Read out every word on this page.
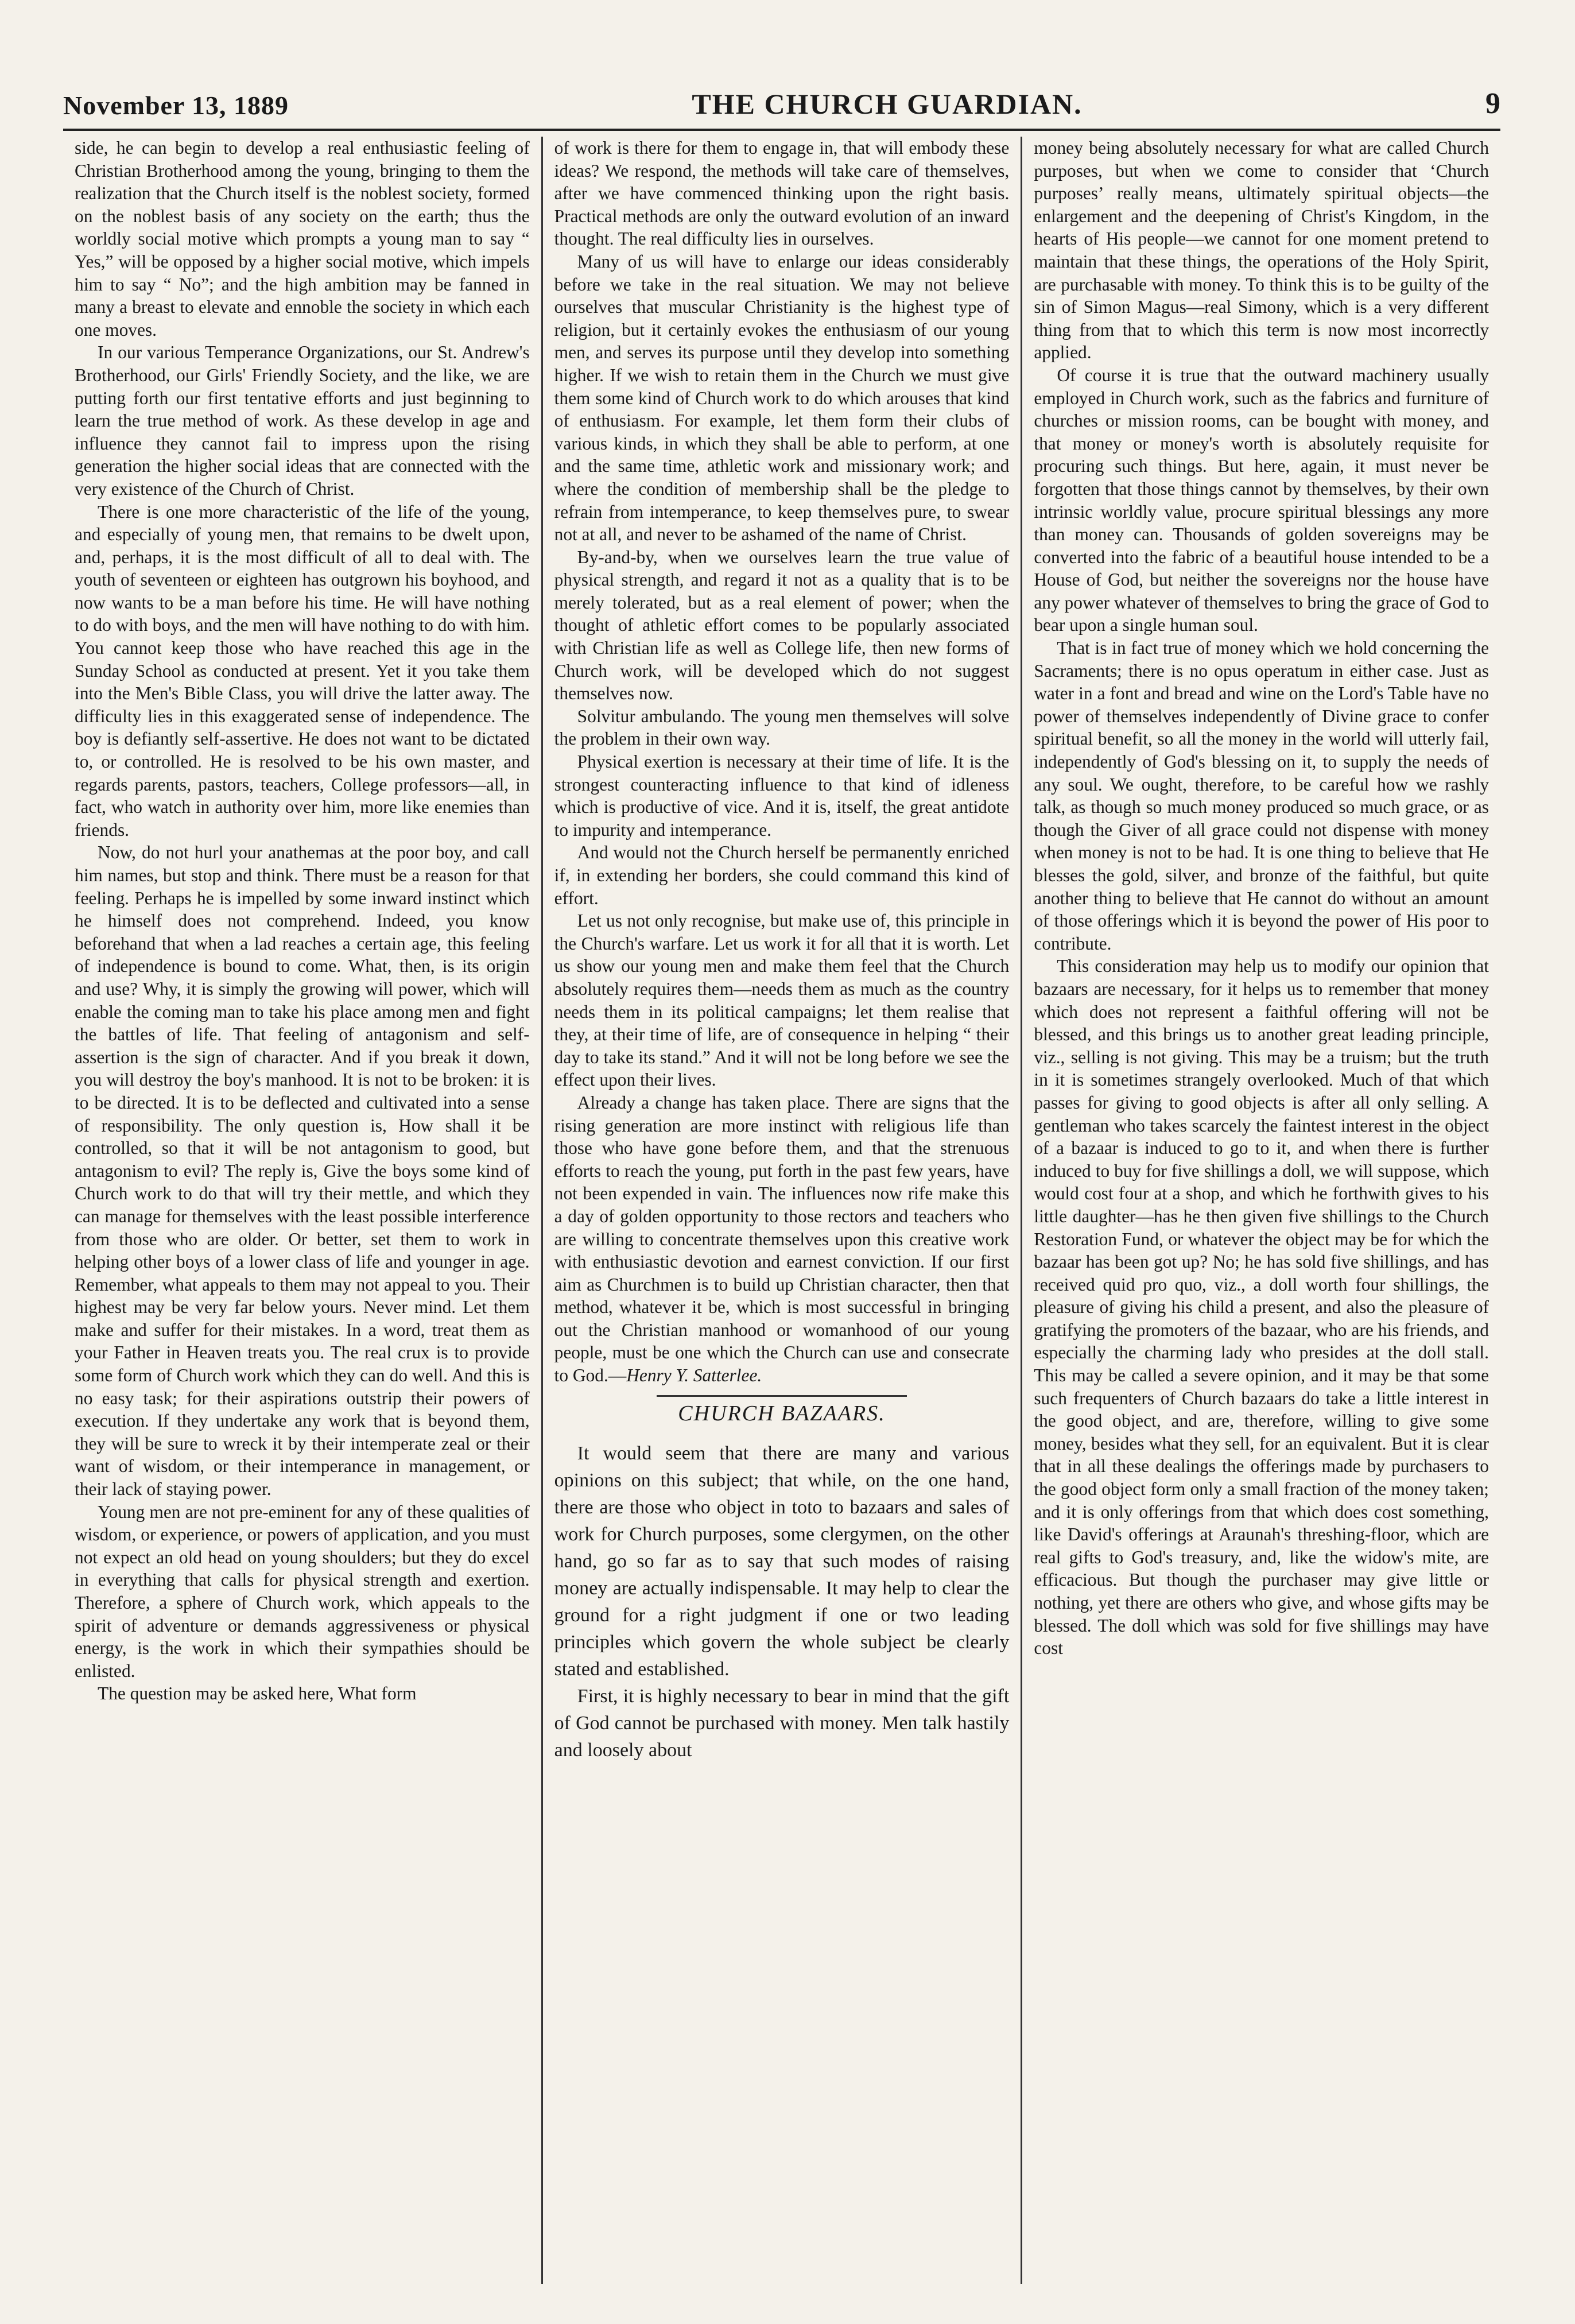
November 13, 1889	THE CHURCH GUARDIAN.	9

side, he can begin to develop a real enthusiastic feeling of Christian Brotherhood among the young, bringing to them the realization that the Church itself is the noblest society, formed on the noblest basis of any society on the earth; thus the worldly social motive which prompts a young man to say “ Yes,” will be opposed by a higher social motive, which impels him to say “ No”; and the high ambition may be fanned in many a breast to elevate and ennoble the society in which each one moves.

In our various Temperance Organizations, our St. Andrew's Brotherhood, our Girls' Friendly Society, and the like, we are putting forth our first tentative efforts and just beginning to learn the true method of work. As these develop in age and influence they cannot fail to impress upon the rising generation the higher social ideas that are connected with the very existence of the Church of Christ.

There is one more characteristic of the life of the young, and especially of young men, that remains to be dwelt upon, and, perhaps, it is the most difficult of all to deal with. The youth of seventeen or eighteen has outgrown his boyhood, and now wants to be a man before his time. He will have nothing to do with boys, and the men will have nothing to do with him. You cannot keep those who have reached this age in the Sunday School as conducted at present. Yet it you take them into the Men's Bible Class, you will drive the latter away. The difficulty lies in this exaggerated sense of independence. The boy is defiantly self-assertive. He does not want to be dictated to, or controlled. He is resolved to be his own master, and regards parents, pastors, teachers, College professors—all, in fact, who watch in authority over him, more like enemies than friends.

Now, do not hurl your anathemas at the poor boy, and call him names, but stop and think. There must be a reason for that feeling. Perhaps he is impelled by some inward instinct which he himself does not comprehend. Indeed, you know beforehand that when a lad reaches a certain age, this feeling of independence is bound to come. What, then, is its origin and use? Why, it is simply the growing will power, which will enable the coming man to take his place among men and fight the battles of life. That feeling of antagonism and self-assertion is the sign of character. And if you break it down, you will destroy the boy's manhood. It is not to be broken: it is to be directed. It is to be deflected and cultivated into a sense of responsibility. The only question is, How shall it be controlled, so that it will be not antagonism to good, but antagonism to evil? The reply is, Give the boys some kind of Church work to do that will try their mettle, and which they can manage for themselves with the least possible interference from those who are older. Or better, set them to work in helping other boys of a lower class of life and younger in age. Remember, what appeals to them may not appeal to you. Their highest may be very far below yours. Never mind. Let them make and suffer for their mistakes. In a word, treat them as your Father in Heaven treats you. The real crux is to provide some form of Church work which they can do well. And this is no easy task; for their aspirations outstrip their powers of execution. If they undertake any work that is beyond them, they will be sure to wreck it by their intemperate zeal or their want of wisdom, or their intemperance in management, or their lack of staying power.

Young men are not pre-eminent for any of these qualities of wisdom, or experience, or powers of application, and you must not expect an old head on young shoulders; but they do excel in everything that calls for physical strength and exertion. Therefore, a sphere of Church work, which appeals to the spirit of adventure or demands aggressiveness or physical energy, is the work in which their sympathies should be enlisted.

The question may be asked here, What form

of work is there for them to engage in, that will embody these ideas? We respond, the methods will take care of themselves, after we have commenced thinking upon the right basis. Practical methods are only the outward evolution of an inward thought. The real difficulty lies in ourselves.

Many of us will have to enlarge our ideas considerably before we take in the real situation. We may not believe ourselves that muscular Christianity is the highest type of religion, but it certainly evokes the enthusiasm of our young men, and serves its purpose until they develop into something higher. If we wish to retain them in the Church we must give them some kind of Church work to do which arouses that kind of enthusiasm. For example, let them form their clubs of various kinds, in which they shall be able to perform, at one and the same time, athletic work and missionary work; and where the condition of membership shall be the pledge to refrain from intemperance, to keep themselves pure, to swear not at all, and never to be ashamed of the name of Christ.

By-and-by, when we ourselves learn the true value of physical strength, and regard it not as a quality that is to be merely tolerated, but as a real element of power; when the thought of athletic effort comes to be popularly associated with Christian life as well as College life, then new forms of Church work, will be developed which do not suggest themselves now.

Solvitur ambulando. The young men themselves will solve the problem in their own way.

Physical exertion is necessary at their time of life. It is the strongest counteracting influence to that kind of idleness which is productive of vice. And it is, itself, the great antidote to impurity and intemperance.

And would not the Church herself be permanently enriched if, in extending her borders, she could command this kind of effort.

Let us not only recognise, but make use of, this principle in the Church's warfare. Let us work it for all that it is worth. Let us show our young men and make them feel that the Church absolutely requires them—needs them as much as the country needs them in its political campaigns; let them realise that they, at their time of life, are of consequence in helping “ their day to take its stand.” And it will not be long before we see the effect upon their lives.

Already a change has taken place. There are signs that the rising generation are more instinct with religious life than those who have gone before them, and that the strenuous efforts to reach the young, put forth in the past few years, have not been expended in vain. The influences now rife make this a day of golden opportunity to those rectors and teachers who are willing to concentrate themselves upon this creative work with enthusiastic devotion and earnest conviction. If our first aim as Churchmen is to build up Christian character, then that method, whatever it be, which is most successful in bringing out the Christian manhood or womanhood of our young people, must be one which the Church can use and consecrate to God.—Henry Y. Satterlee.

CHURCH BAZAARS.

It would seem that there are many and various opinions on this subject; that while, on the one hand, there are those who object in toto to bazaars and sales of work for Church purposes, some clergymen, on the other hand, go so far as to say that such modes of raising money are actually indispensable. It may help to clear the ground for a right judgment if one or two leading principles which govern the whole subject be clearly stated and established.

First, it is highly necessary to bear in mind that the gift of God cannot be purchased with money. Men talk hastily and loosely about

money being absolutely necessary for what are called Church purposes, but when we come to consider that ‘Church purposes’ really means, ultimately spiritual objects—the enlargement and the deepening of Christ's Kingdom, in the hearts of His people—we cannot for one moment pretend to maintain that these things, the operations of the Holy Spirit, are purchasable with money. To think this is to be guilty of the sin of Simon Magus—real Simony, which is a very different thing from that to which this term is now most incorrectly applied.

Of course it is true that the outward machinery usually employed in Church work, such as the fabrics and furniture of churches or mission rooms, can be bought with money, and that money or money's worth is absolutely requisite for procuring such things. But here, again, it must never be forgotten that those things cannot by themselves, by their own intrinsic worldly value, procure spiritual blessings any more than money can. Thousands of golden sovereigns may be converted into the fabric of a beautiful house intended to be a House of God, but neither the sovereigns nor the house have any power whatever of themselves to bring the grace of God to bear upon a single human soul.

That is in fact true of money which we hold concerning the Sacraments; there is no opus operatum in either case. Just as water in a font and bread and wine on the Lord's Table have no power of themselves independently of Divine grace to confer spiritual benefit, so all the money in the world will utterly fail, independently of God's blessing on it, to supply the needs of any soul. We ought, therefore, to be careful how we rashly talk, as though so much money produced so much grace, or as though the Giver of all grace could not dispense with money when money is not to be had. It is one thing to believe that He blesses the gold, silver, and bronze of the faithful, but quite another thing to believe that He cannot do without an amount of those offerings which it is beyond the power of His poor to contribute.

This consideration may help us to modify our opinion that bazaars are necessary, for it helps us to remember that money which does not represent a faithful offering will not be blessed, and this brings us to another great leading principle, viz., selling is not giving. This may be a truism; but the truth in it is sometimes strangely overlooked. Much of that which passes for giving to good objects is after all only selling. A gentleman who takes scarcely the faintest interest in the object of a bazaar is induced to go to it, and when there is further induced to buy for five shillings a doll, we will suppose, which would cost four at a shop, and which he forthwith gives to his little daughter—has he then given five shillings to the Church Restoration Fund, or whatever the object may be for which the bazaar has been got up? No; he has sold five shillings, and has received quid pro quo, viz., a doll worth four shillings, the pleasure of giving his child a present, and also the pleasure of gratifying the promoters of the bazaar, who are his friends, and especially the charming lady who presides at the doll stall. This may be called a severe opinion, and it may be that some such frequenters of Church bazaars do take a little interest in the good object, and are, therefore, willing to give some money, besides what they sell, for an equivalent. But it is clear that in all these dealings the offerings made by purchasers to the good object form only a small fraction of the money taken; and it is only offerings from that which does cost something, like David's offerings at Araunah's threshing-floor, which are real gifts to God's treasury, and, like the widow's mite, are efficacious. But though the purchaser may give little or nothing, yet there are others who give, and whose gifts may be blessed. The doll which was sold for five shillings may have cost
